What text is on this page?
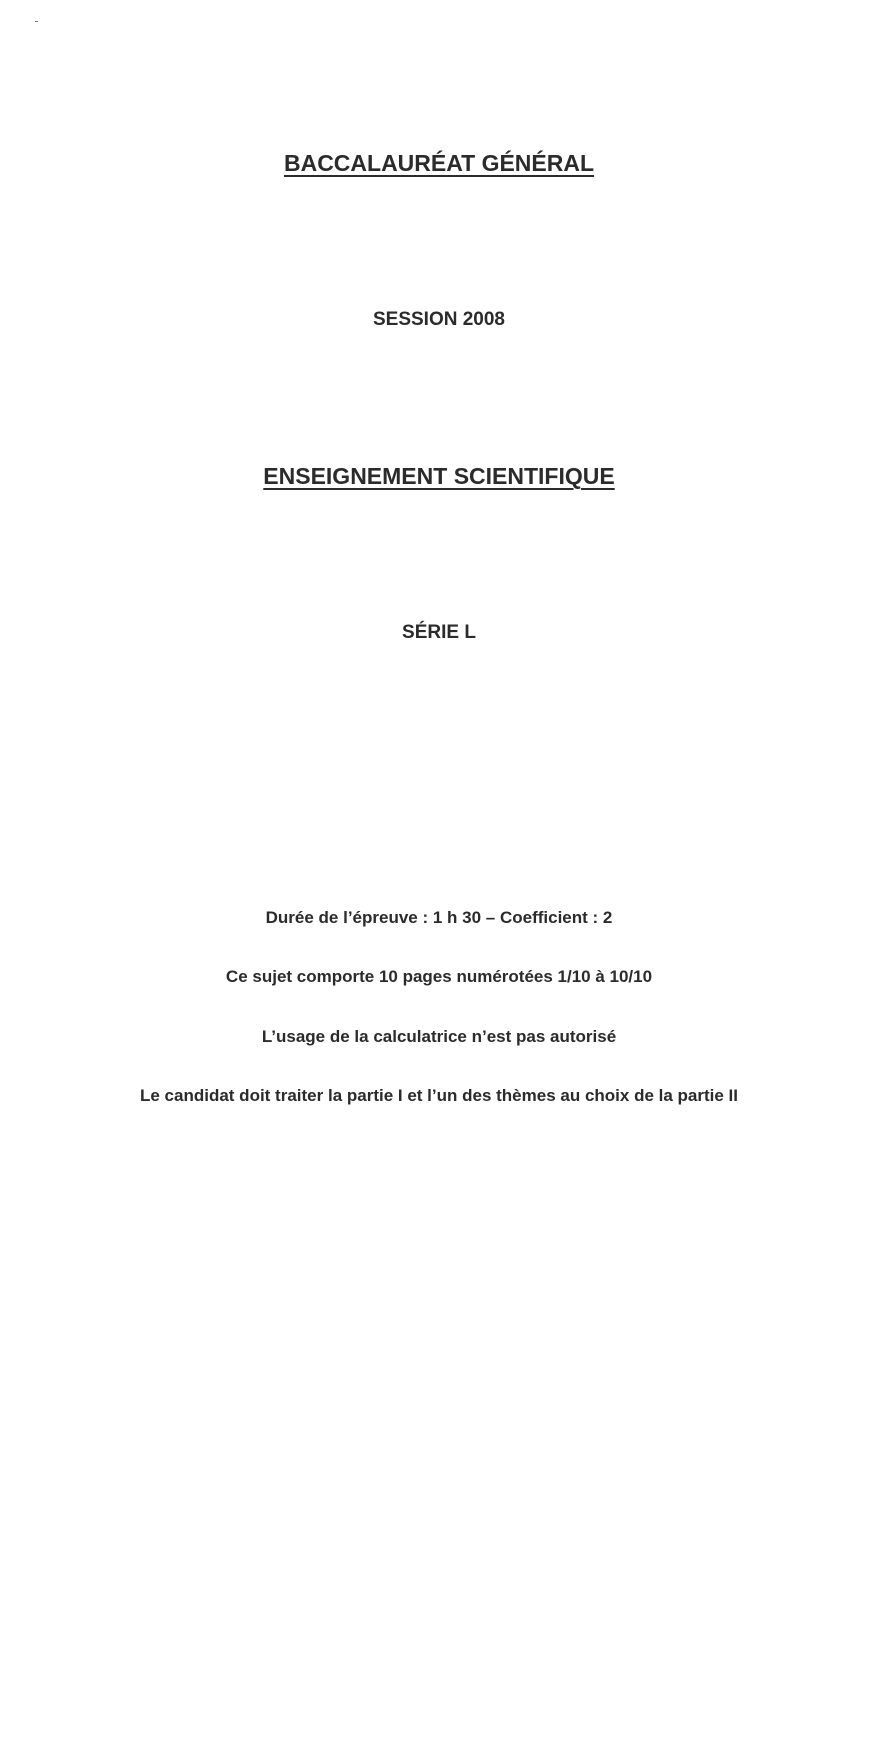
BACCALAURÉAT GÉNÉRAL
SESSION 2008
ENSEIGNEMENT SCIENTIFIQUE
SÉRIE L
Durée de l’épreuve : 1 h 30 – Coefficient : 2
Ce sujet comporte 10 pages numérotées 1/10 à 10/10
L’usage de la calculatrice n’est pas autorisé
Le candidat doit traiter la partie I et l’un des thèmes au choix de la partie II
